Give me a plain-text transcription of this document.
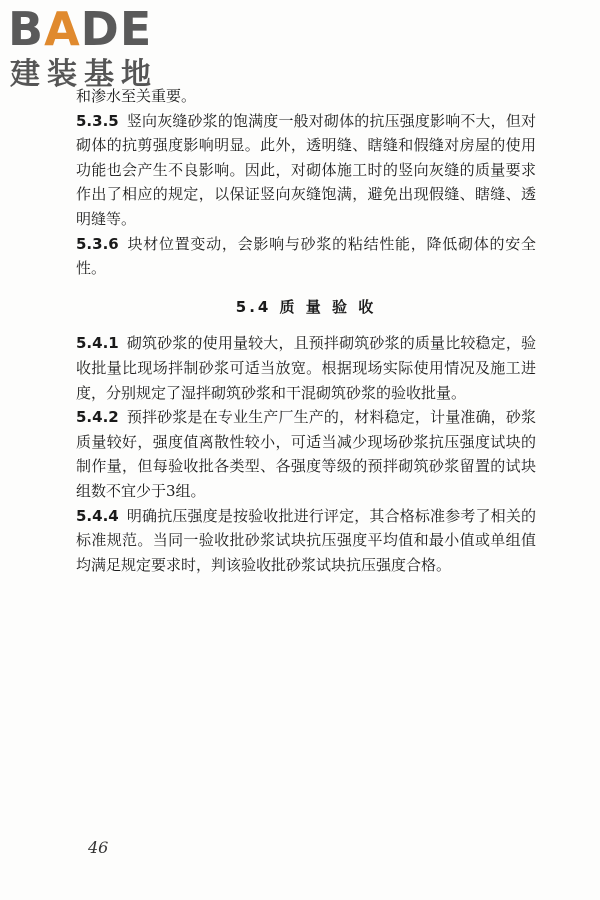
BADE
建装基地

和渗水至关重要。

5.3.5 竖向灰缝砂浆的饱满度一般对砌体的抗压强度影响不大，但对砌体的抗剪强度影响明显。此外，透明缝、瞎缝和假缝对房屋的使用功能也会产生不良影响。因此，对砌体施工时的竖向灰缝的质量要求作出了相应的规定，以保证竖向灰缝饱满，避免出现假缝、瞎缝、透明缝等。

5.3.6 块材位置变动，会影响与砂浆的粘结性能，降低砌体的安全性。

5.4 质 量 验 收

5.4.1 砌筑砂浆的使用量较大，且预拌砌筑砂浆的质量比较稳定，验收批量比现场拌制砂浆可适当放宽。根据现场实际使用情况及施工进度，分别规定了湿拌砌筑砂浆和干混砌筑砂浆的验收批量。

5.4.2 预拌砂浆是在专业生产厂生产的，材料稳定，计量准确，砂浆质量较好，强度值离散性较小，可适当减少现场砂浆抗压强度试块的制作量，但每验收批各类型、各强度等级的预拌砌筑砂浆留置的试块组数不宜少于3组。

5.4.4 明确抗压强度是按验收批进行评定，其合格标准参考了相关的标准规范。当同一验收批砂浆试块抗压强度平均值和最小值或单组值均满足规定要求时，判该验收批砂浆试块抗压强度合格。

46
